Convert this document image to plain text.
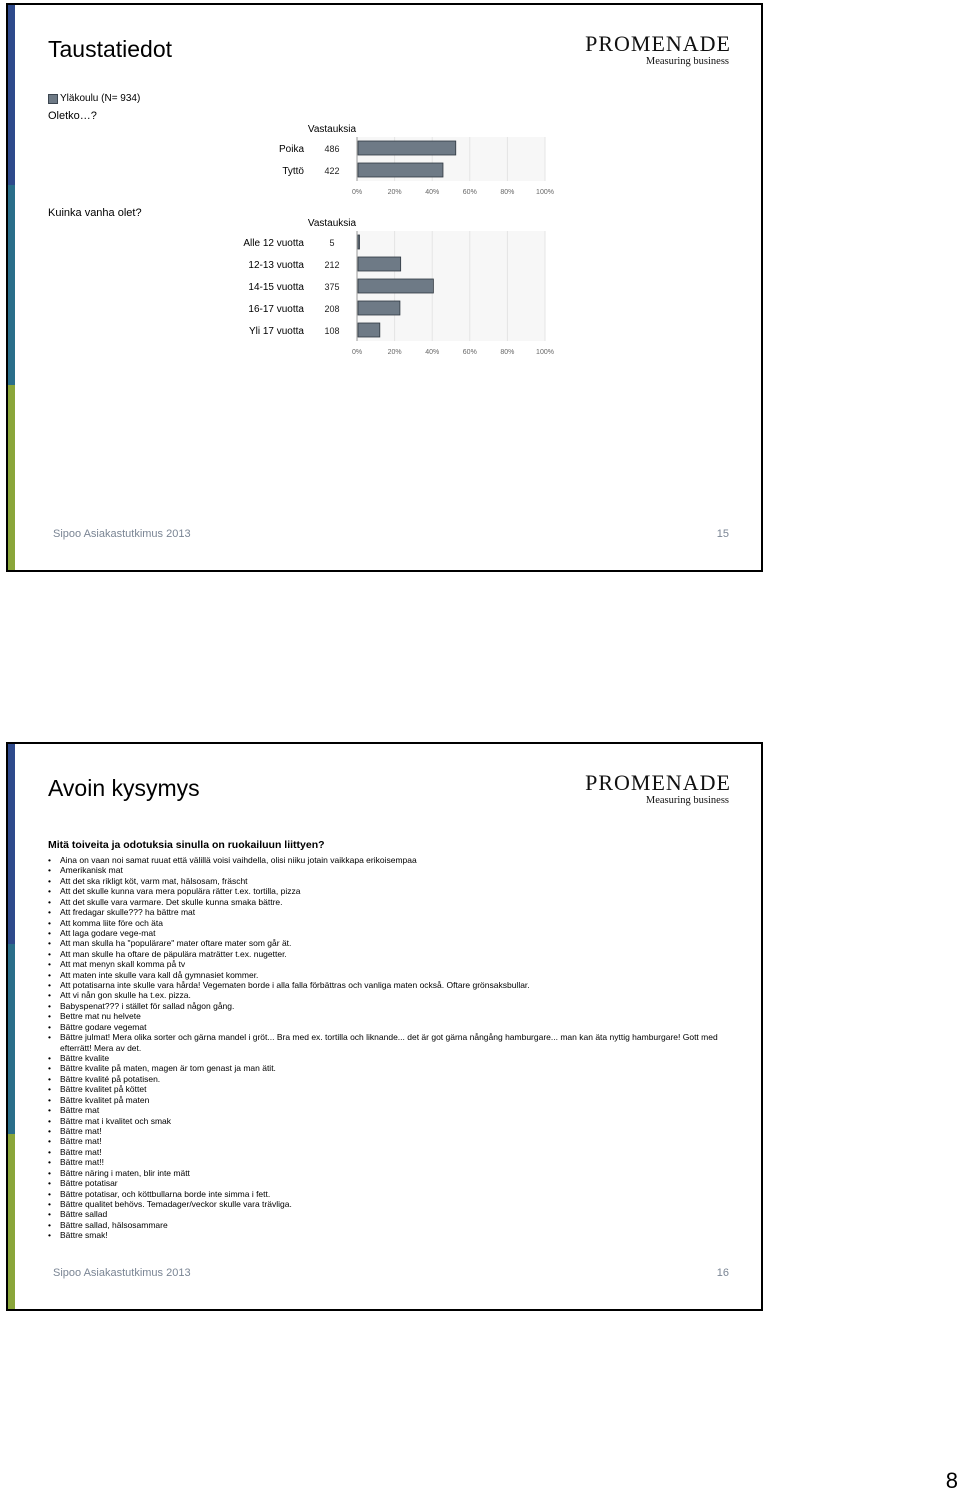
Taustatiedot	PROMENADE
Measuring business
Yläkoulu (N= 934)
Oletko…?
Vastauksia
0%	20%	40%	60%	80%	100%
Poika 486
Tyttö 422
Kuinka vanha olet?
Vastauksia
0%	20%	40%	60%	80%	100%
Alle 12 vuotta	5
12-13 vuotta 212
14-15 vuotta 375
16-17 vuotta 208
Yli 17 vuotta 108
Sipoo Asiakastutkimus 2013	15
Avoin kysymys	PROMENADE
Measuring business
Mitä toiveita ja odotuksia sinulla on ruokailuun liittyen?
• Aina on vaan noi samat ruuat että välillä voisi vaihdella, olisi niiku jotain vaikkapa erikoisempaa
• Amerikanisk mat
• Att det ska rikligt köt, varm mat, hälsosam, fräscht
• Att det skulle kunna vara mera populära rätter t.ex. tortilla, pizza
• Att det skulle vara varmare. Det skulle kunna smaka bättre.
• Att fredagar skulle??? ha bättre mat
• Att komma liite före och äta
• Att laga godare vege-mat
• Att man skulla ha "populärare" mater oftare mater som går ät.
• Att man skulle ha oftare de päpulära maträtter t.ex. nugetter.
• Att mat menyn skall komma på tv
• Att maten inte skulle vara kall då gymnasiet kommer.
• Att potatisarna inte skulle vara hårda! Vegematen borde i alla falla förbättras och vanliga maten också. Oftare grönsaksbullar.
• Att vi nån gon skulle ha t.ex. pizza.
• Babyspenat??? i stället för sallad någon gång.
• Bettre mat nu helvete
• Bättre godare vegemat
• Bättre julmat! Mera olika sorter och gärna mandel i gröt... Bra med ex. tortilla och liknande... det är got gärna nångång hamburgare... man kan äta nyttig hamburgare! Gott med efterrätt! Mera av det.
• Bättre kvalite
• Bättre kvalite på maten, magen är tom genast ja man ätit.
• Bättre kvalité på potatisen.
• Bättre kvalitet på köttet
• Bättre kvalitet på maten
• Bättre mat
• Bättre mat i kvalitet och smak
• Bättre mat!
• Bättre mat!
• Bättre mat!
• Bättre mat!!
• Bättre näring i maten, blir inte mätt
• Bättre potatisar
• Bättre potatisar, och köttbullarna borde inte simma i fett.
• Bättre qualitet behövs. Temadager/veckor skulle vara trävliga.
• Bättre sallad
• Bättre sallad, hälsosammare
• Bättre smak!
Sipoo Asiakastutkimus 2013	16
8
